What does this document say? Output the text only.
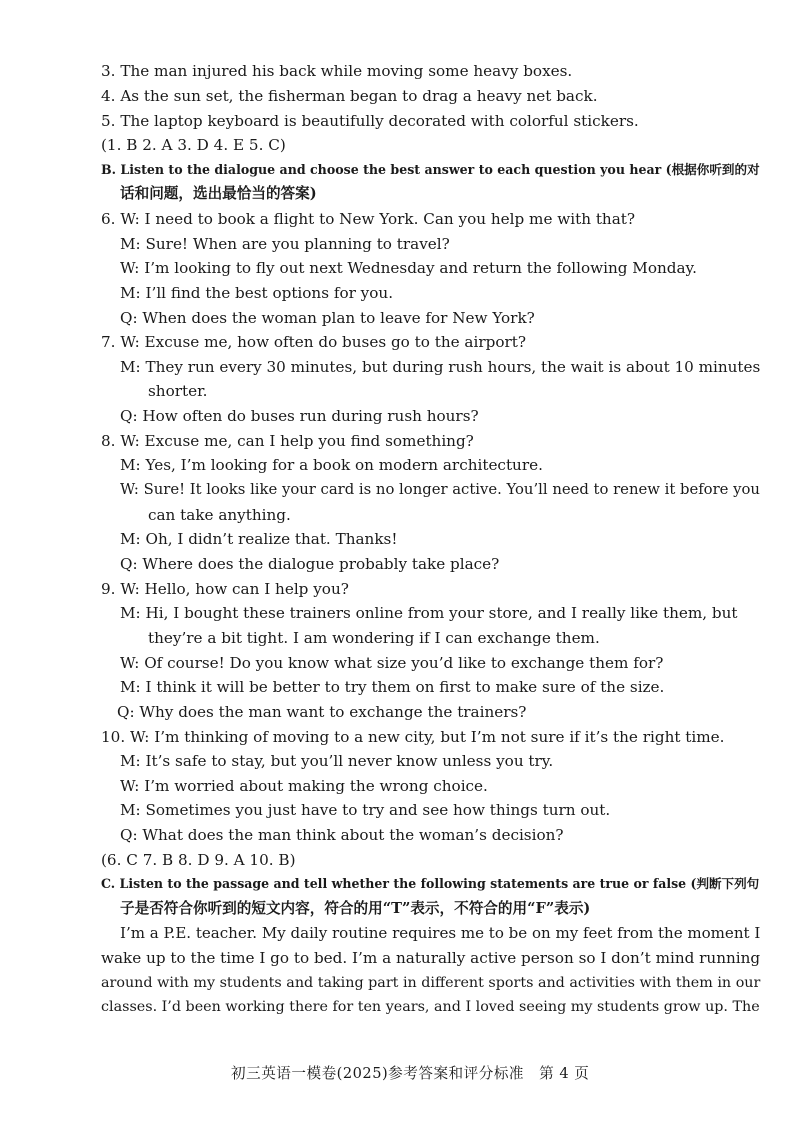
3. The man injured his back while moving some heavy boxes.
4. As the sun set, the fisherman began to drag a heavy net back.
5. The laptop keyboard is beautifully decorated with colorful stickers.
(1. B 2. A 3. D 4. E 5. C)
B. Listen to the dialogue and choose the best answer to each question you hear (根据你听到的对
话和问题，选出最恰当的答案)
6. W: I need to book a flight to New York. Can you help me with that?
M: Sure! When are you planning to travel?
W: I’m looking to fly out next Wednesday and return the following Monday.
M: I’ll find the best options for you.
Q: When does the woman plan to leave for New York?
7. W: Excuse me, how often do buses go to the airport?
M: They run every 30 minutes, but during rush hours, the wait is about 10 minutes
shorter.
Q: How often do buses run during rush hours?
8. W: Excuse me, can I help you find something?
M: Yes, I’m looking for a book on modern architecture.
W: Sure! It looks like your card is no longer active. You’ll need to renew it before you
can take anything.
M: Oh, I didn’t realize that. Thanks!
Q: Where does the dialogue probably take place?
9. W: Hello, how can I help you?
M: Hi, I bought these trainers online from your store, and I really like them, but
they’re a bit tight. I am wondering if I can exchange them.
W: Of course! Do you know what size you’d like to exchange them for?
M: I think it will be better to try them on first to make sure of the size.
Q: Why does the man want to exchange the trainers?
10. W: I’m thinking of moving to a new city, but I’m not sure if it’s the right time.
M: It’s safe to stay, but you’ll never know unless you try.
W: I’m worried about making the wrong choice.
M: Sometimes you just have to try and see how things turn out.
Q: What does the man think about the woman’s decision?
(6. C 7. B 8. D 9. A 10. B)
C. Listen to the passage and tell whether the following statements are true or false (判断下列句
子是否符合你听到的短文内容，符合的用“T”表示，不符合的用“F”表示)
I’m a P.E. teacher. My daily routine requires me to be on my feet from the moment I
wake up to the time I go to bed. I’m a naturally active person so I don’t mind running
around with my students and taking part in different sports and activities with them in our
classes. I’d been working there for ten years, and I loved seeing my students grow up. The
初三英语一模卷(2025)参考答案和评分标准　第 4 页
